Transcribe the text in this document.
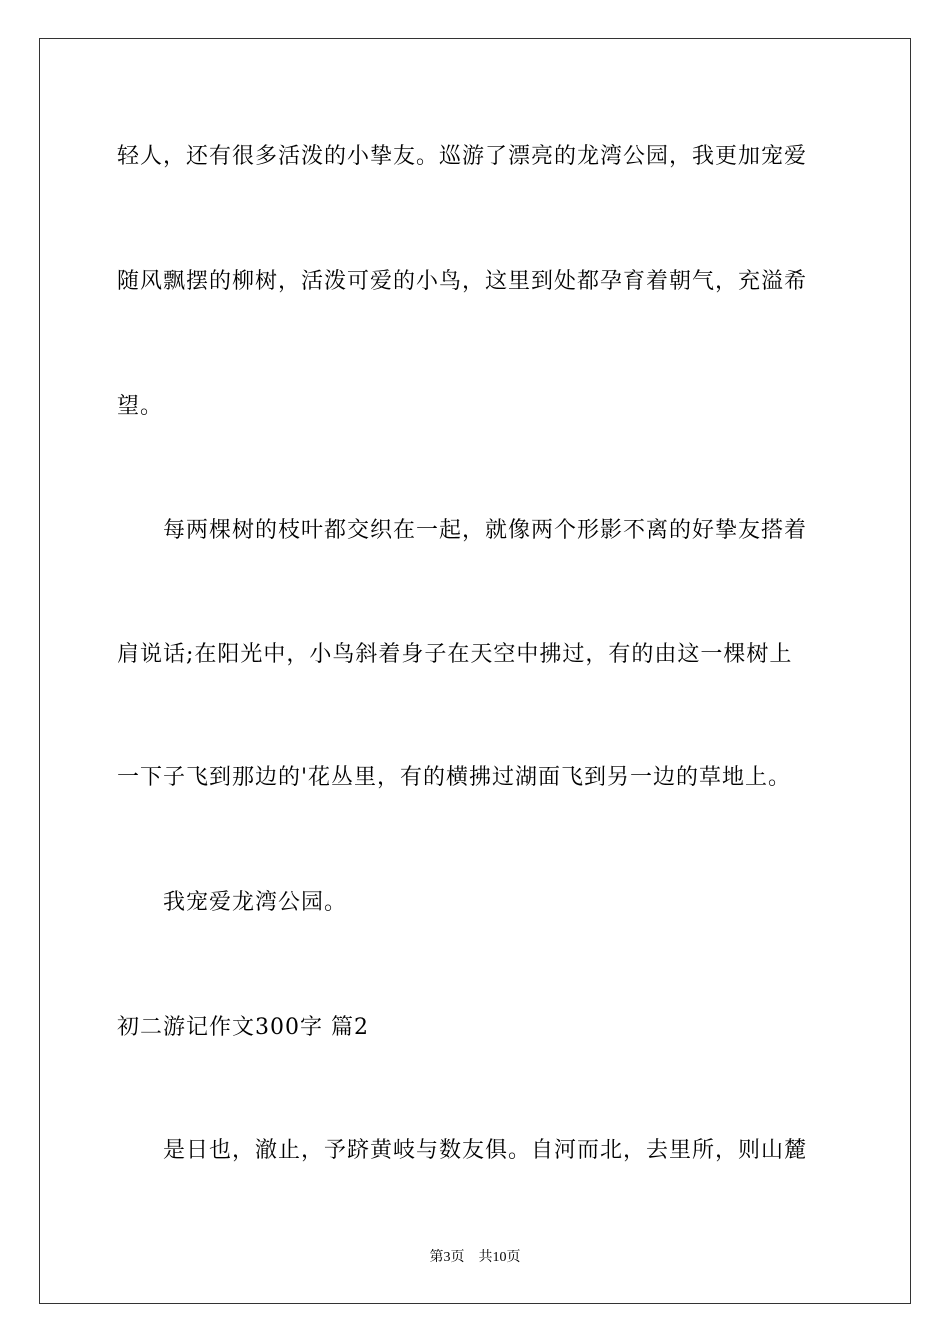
轻人，还有很多活泼的小挚友。巡游了漂亮的龙湾公园，我更加宠爱
随风飘摆的柳树，活泼可爱的小鸟，这里到处都孕育着朝气，充溢希
望。
每两棵树的枝叶都交织在一起，就像两个形影不离的好挚友搭着
肩说话;在阳光中，小鸟斜着身子在天空中拂过，有的由这一棵树上
一下子飞到那边的'花丛里，有的横拂过湖面飞到另一边的草地上。
我宠爱龙湾公园。
初二游记作文300字 篇2
是日也，澈止，予跻黄岐与数友俱。自河而北，去里所，则山麓
第3页 共10页
